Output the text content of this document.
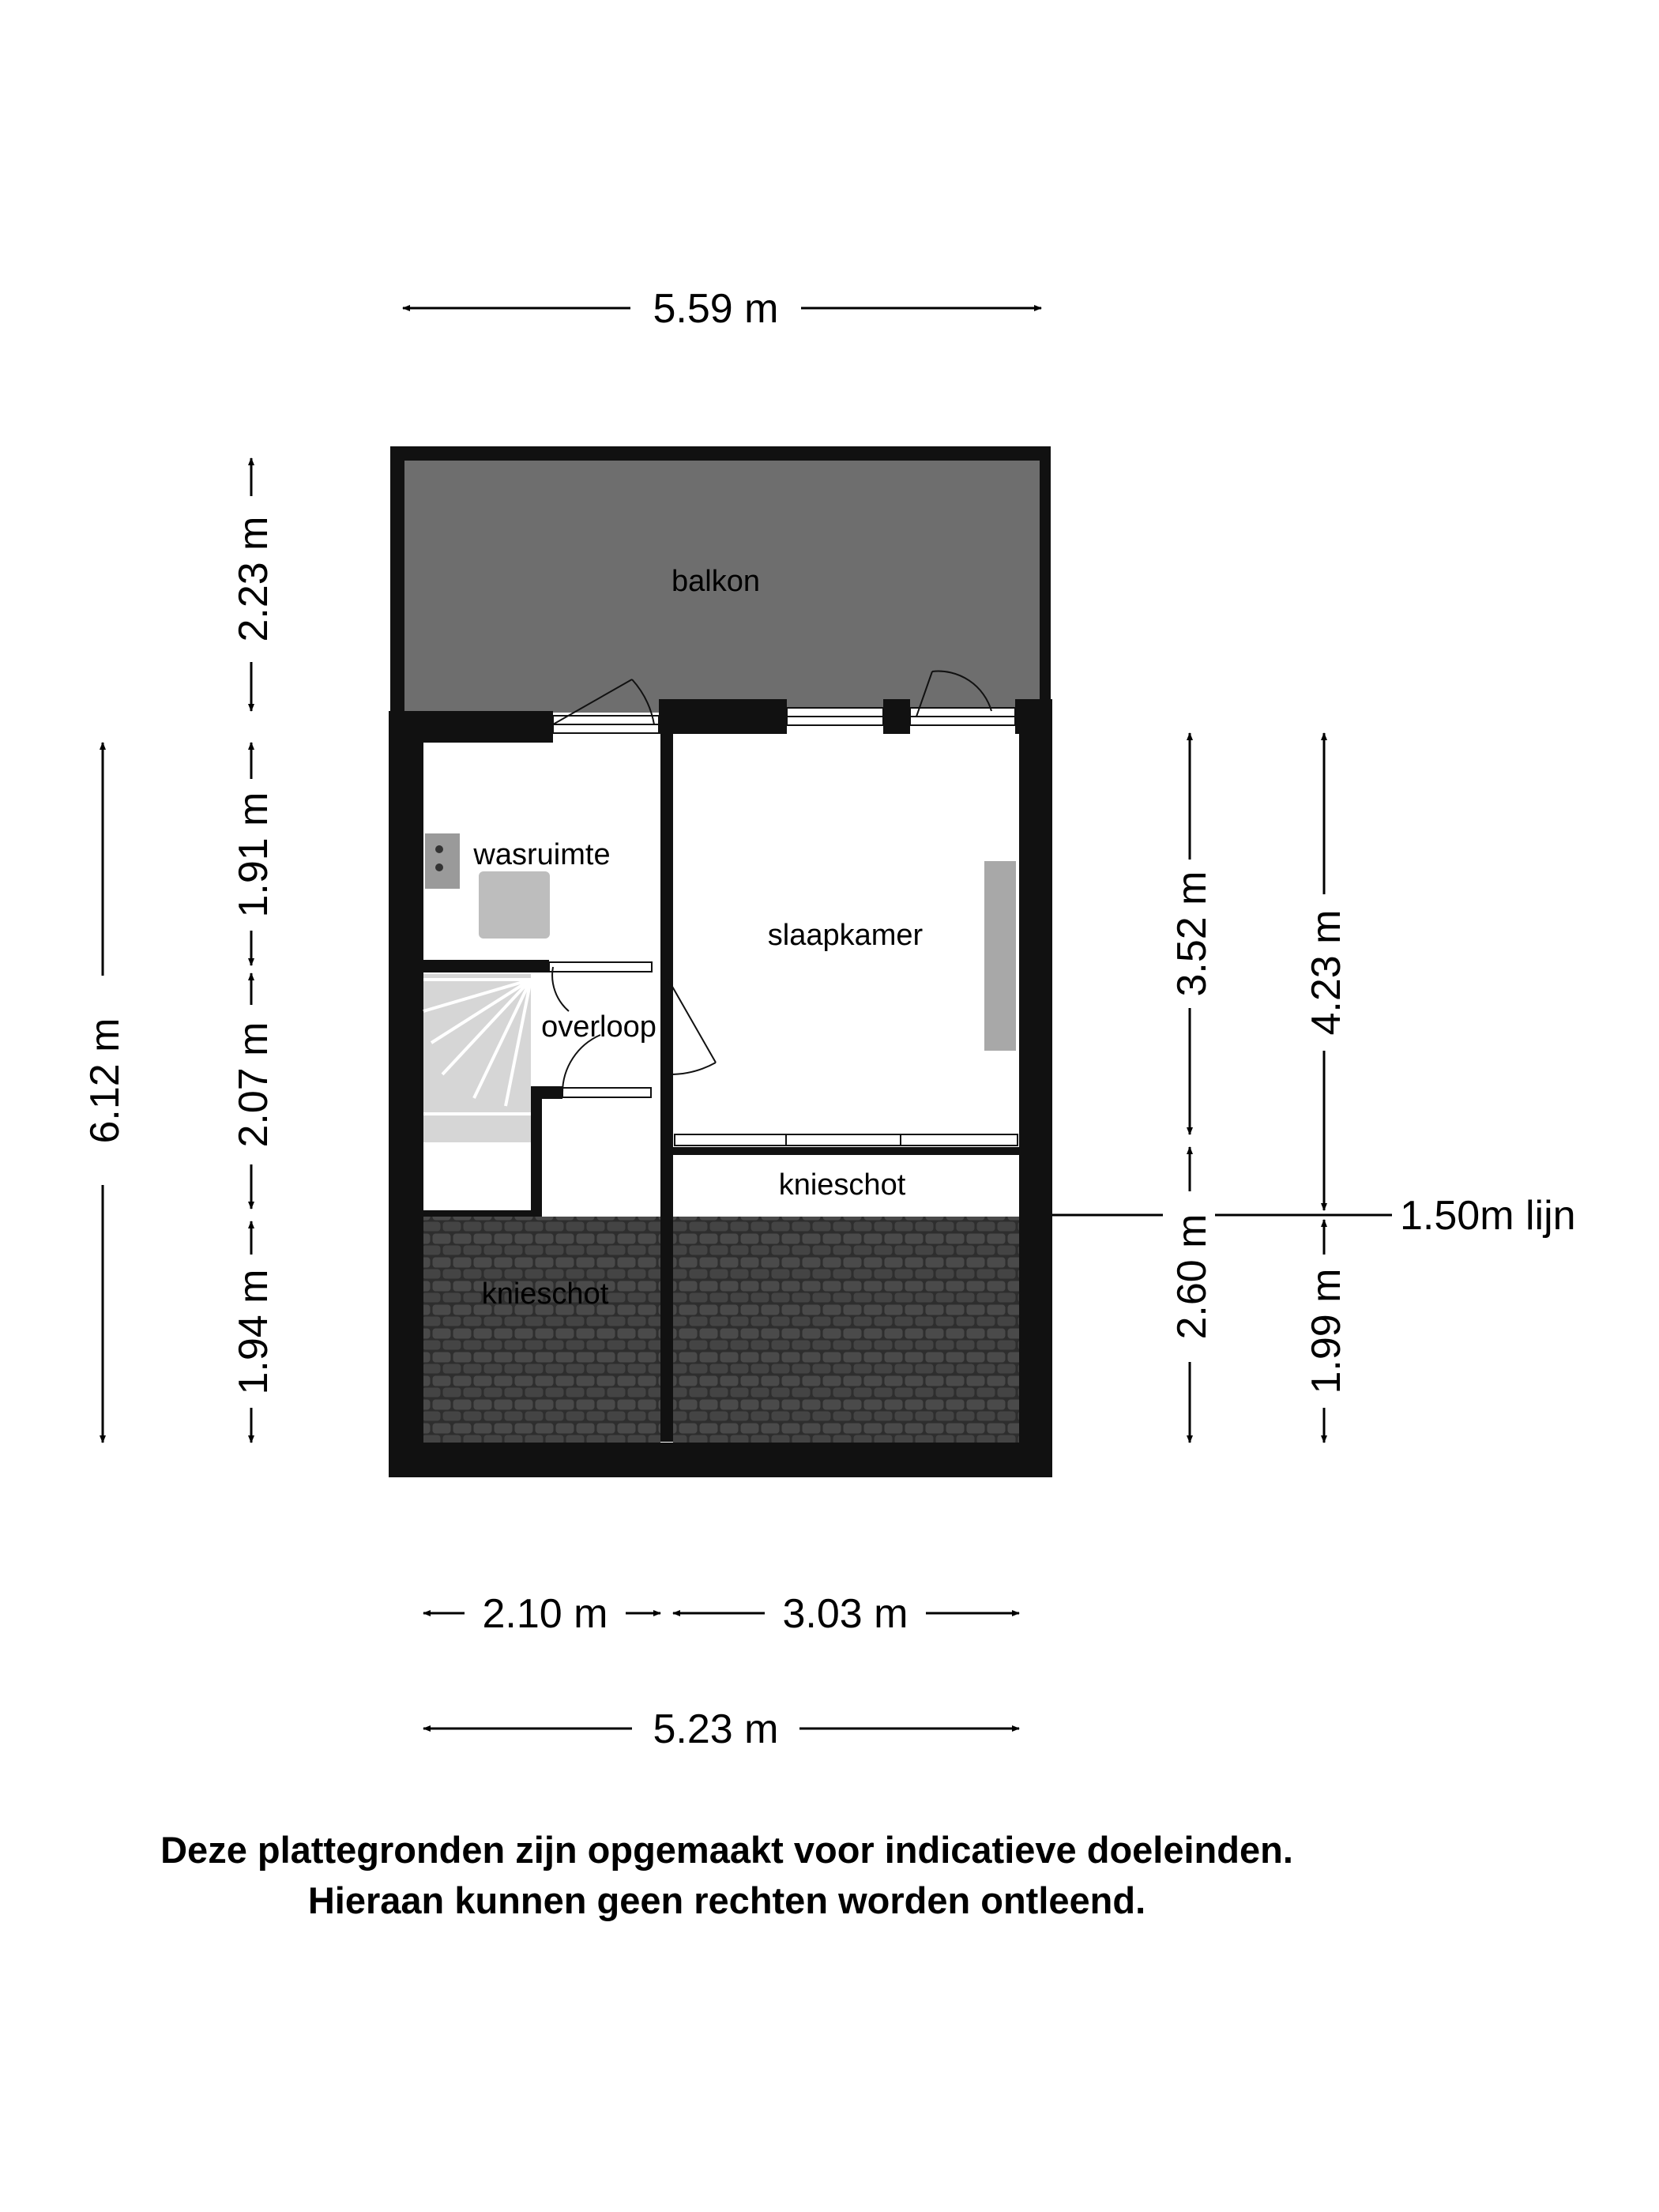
balkon
wasruimte
slaapkamer
overloop
knieschot
knieschot
1.50m lijn
5.59 m
2.10 m	3.03 m
5.23 m
6.12 m
2.23 m
1.91 m
2.07 m
1.94 m
3.52 m
2.60 m
4.23 m
1.99 m
Deze plattegronden zijn opgemaakt voor indicatieve doeleinden.
Hieraan kunnen geen rechten worden ontleend.
